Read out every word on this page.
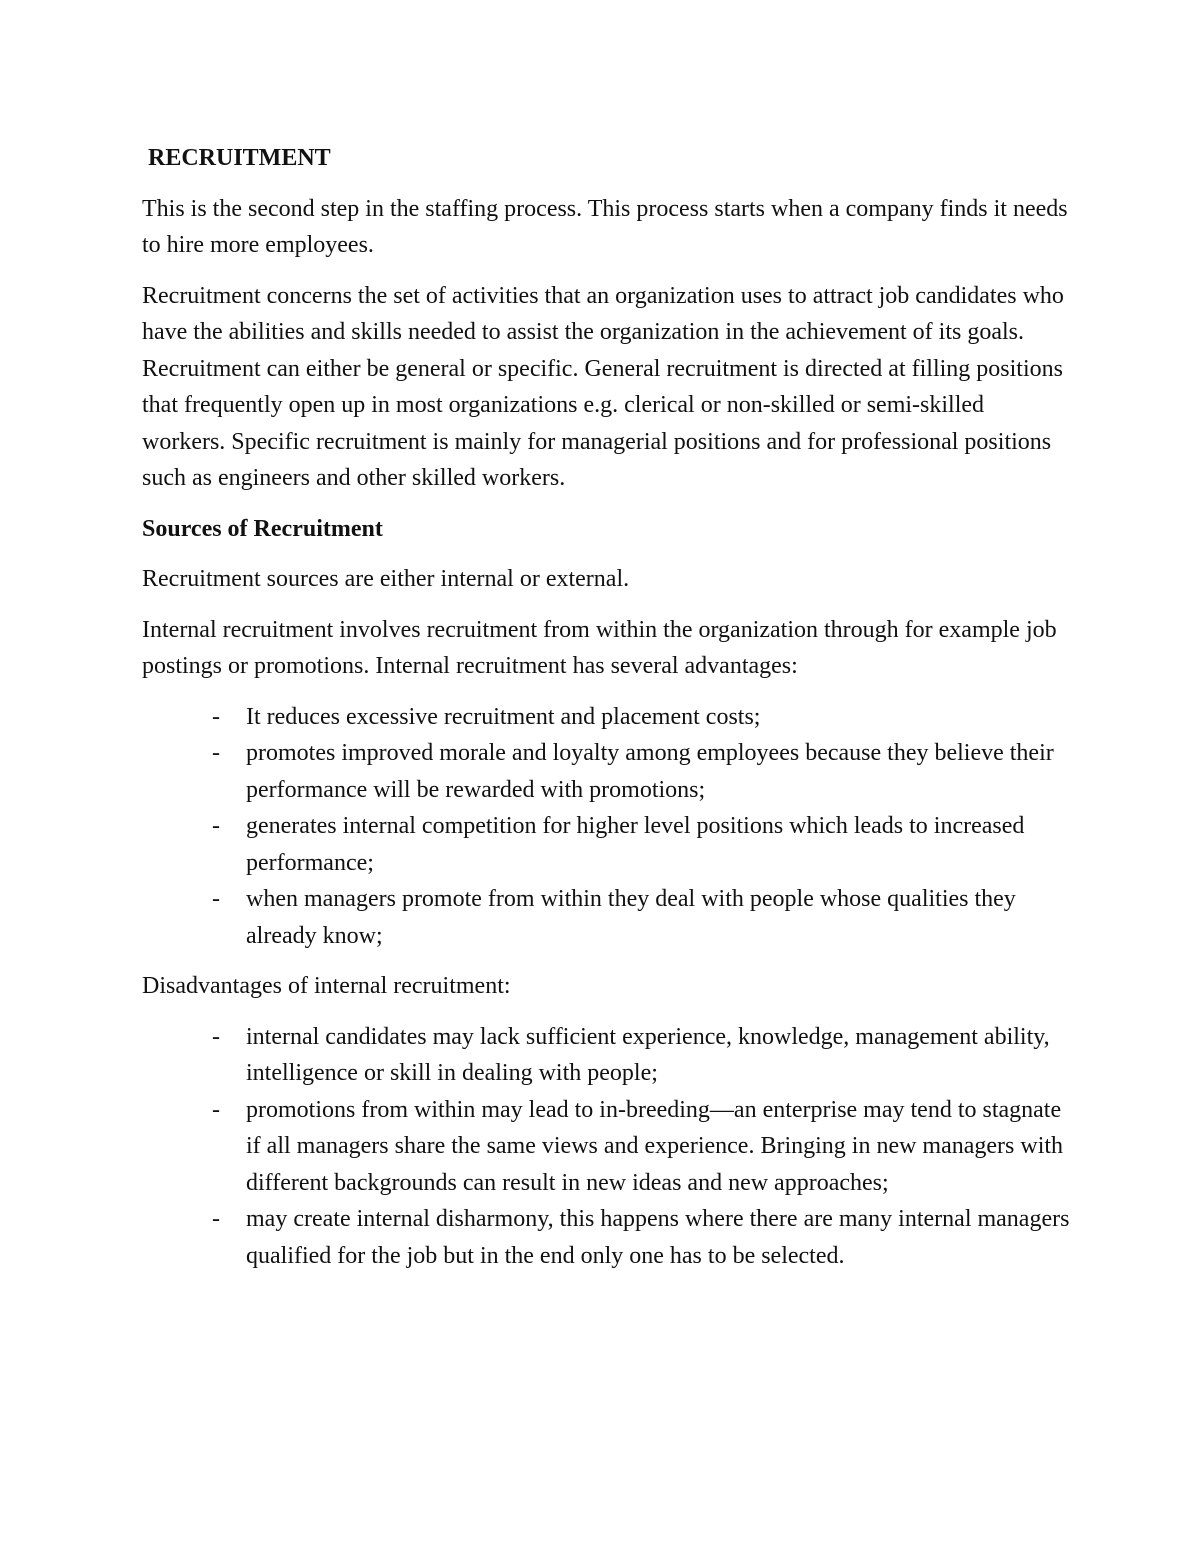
RECRUITMENT

This is the second step in the staffing process. This process starts when a company finds it needs to hire more employees.

Recruitment concerns the set of activities that an organization uses to attract job candidates who have the abilities and skills needed to assist the organization in the achievement of its goals. Recruitment can either be general or specific. General recruitment is directed at filling positions that frequently open up in most organizations e.g. clerical or non-skilled or semi-skilled workers. Specific recruitment is mainly for managerial positions and for professional positions such as engineers and other skilled workers.

Sources of Recruitment

Recruitment sources are either internal or external.

Internal recruitment involves recruitment from within the organization through for example job postings or promotions. Internal recruitment has several advantages:

- It reduces excessive recruitment and placement costs;
- promotes improved morale and loyalty among employees because they believe their performance will be rewarded with promotions;
- generates internal competition for higher level positions which leads to increased performance;
- when managers promote from within they deal with people whose qualities they already know;

Disadvantages of internal recruitment:

- internal candidates may lack sufficient experience, knowledge, management ability, intelligence or skill in dealing with people;
- promotions from within may lead to in-breeding—an enterprise may tend to stagnate if all managers share the same views and experience. Bringing in new managers with different backgrounds can result in new ideas and new approaches;
- may create internal disharmony, this happens where there are many internal managers qualified for the job but in the end only one has to be selected.
